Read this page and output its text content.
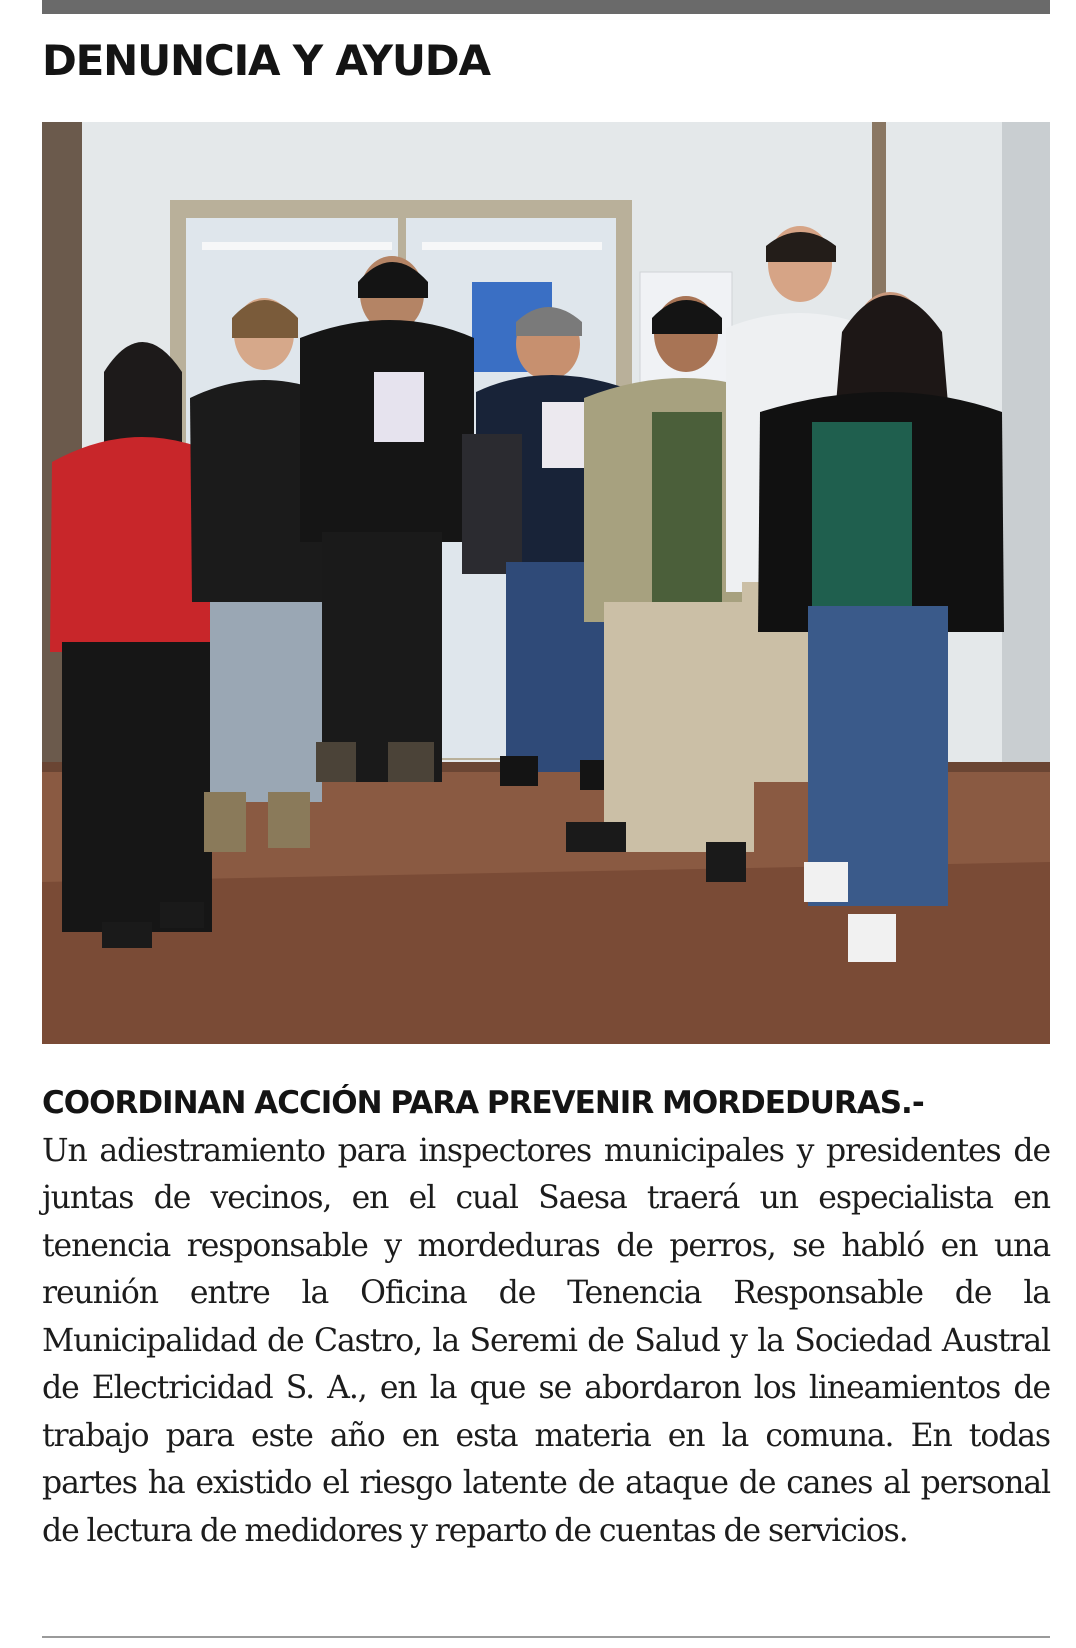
DENUNCIA Y AYUDA

COORDINAN ACCIÓN PARA PREVENIR MORDEDURAS.-
Un adiestramiento para inspectores municipales y presidentes de juntas de vecinos, en el cual Saesa traerá un especialista en tenencia responsable y mordeduras de perros, se habló en una reunión entre la Oficina de Tenencia Responsable de la Municipalidad de Castro, la Seremi de Salud y la Sociedad Austral de Electricidad S. A., en la que se abordaron los lineamientos de trabajo para este año en esta materia en la comuna. En todas partes ha existido el riesgo latente de ataque de canes al personal de lectura de medidores y reparto de cuentas de servicios.
